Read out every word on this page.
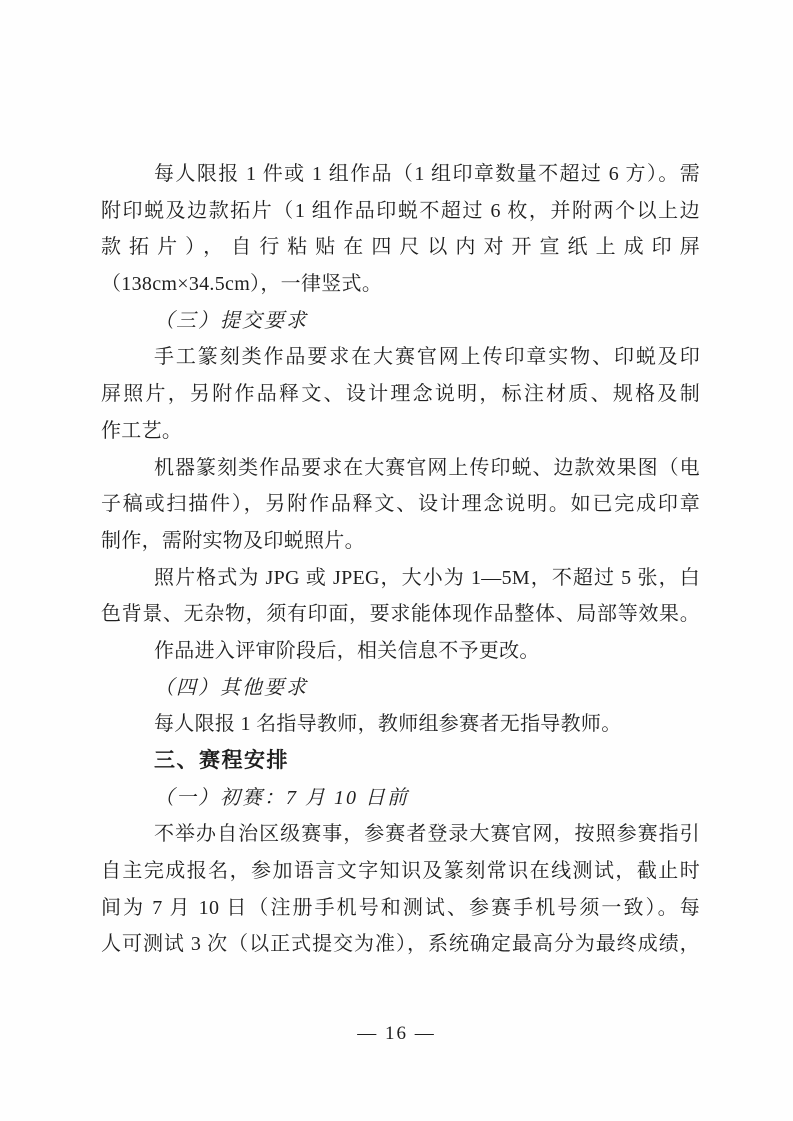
每人限报 1 件或 1 组作品（1 组印章数量不超过 6 方）。需
附印蜕及边款拓片（1 组作品印蜕不超过 6 枚，并附两个以上边
款拓片），自行粘贴在四尺以内对开宣纸上成印屏
（138cm×34.5cm），一律竖式。
（三）提交要求
手工篆刻类作品要求在大赛官网上传印章实物、印蜕及印
屏照片，另附作品释文、设计理念说明，标注材质、规格及制
作工艺。
机器篆刻类作品要求在大赛官网上传印蜕、边款效果图（电
子稿或扫描件），另附作品释文、设计理念说明。如已完成印章
制作，需附实物及印蜕照片。
照片格式为 JPG 或 JPEG，大小为 1—5M，不超过 5 张，白
色背景、无杂物，须有印面，要求能体现作品整体、局部等效果。
作品进入评审阶段后，相关信息不予更改。
（四）其他要求
每人限报 1 名指导教师，教师组参赛者无指导教师。
三、赛程安排
（一）初赛：7 月 10 日前
不举办自治区级赛事，参赛者登录大赛官网，按照参赛指引
自主完成报名，参加语言文字知识及篆刻常识在线测试，截止时
间为 7 月 10 日（注册手机号和测试、参赛手机号须一致）。每
人可测试 3 次（以正式提交为准），系统确定最高分为最终成绩，
— 16 —
